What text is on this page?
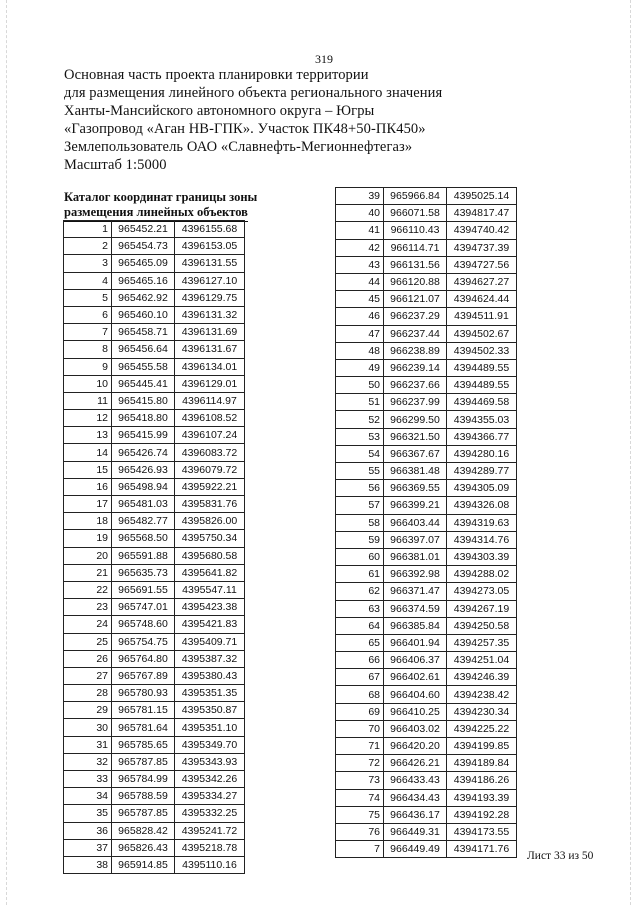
319
Основная часть проекта планировки территории
для размещения линейного объекта регионального значения
Ханты-Мансийского автономного округа – Югры
«Газопровод «Аган НВ-ГПК». Участок ПК48+50-ПК450»
Землепользователь ОАО «Славнефть-Мегионнефтегаз»
Масштаб 1:5000
Каталог координат границы зоны
размещения линейных объектов
1	965452.21	4396155.68
2	965454.73	4396153.05
3	965465.09	4396131.55
4	965465.16	4396127.10
5	965462.92	4396129.75
6	965460.10	4396131.32
7	965458.71	4396131.69
8	965456.64	4396131.67
9	965455.58	4396134.01
10	965445.41	4396129.01
11	965415.80	4396114.97
12	965418.80	4396108.52
13	965415.99	4396107.24
14	965426.74	4396083.72
15	965426.93	4396079.72
16	965498.94	4395922.21
17	965481.03	4395831.76
18	965482.77	4395826.00
19	965568.50	4395750.34
20	965591.88	4395680.58
21	965635.73	4395641.82
22	965691.55	4395547.11
23	965747.01	4395423.38
24	965748.60	4395421.83
25	965754.75	4395409.71
26	965764.80	4395387.32
27	965767.89	4395380.43
28	965780.93	4395351.35
29	965781.15	4395350.87
30	965781.64	4395351.10
31	965785.65	4395349.70
32	965787.85	4395343.93
33	965784.99	4395342.26
34	965788.59	4395334.27
35	965787.85	4395332.25
36	965828.42	4395241.72
37	965826.43	4395218.78
38	965914.85	4395110.16
39	965966.84	4395025.14
40	966071.58	4394817.47
41	966110.43	4394740.42
42	966114.71	4394737.39
43	966131.56	4394727.56
44	966120.88	4394627.27
45	966121.07	4394624.44
46	966237.29	4394511.91
47	966237.44	4394502.67
48	966238.89	4394502.33
49	966239.14	4394489.55
50	966237.66	4394489.55
51	966237.99	4394469.58
52	966299.50	4394355.03
53	966321.50	4394366.77
54	966367.67	4394280.16
55	966381.48	4394289.77
56	966369.55	4394305.09
57	966399.21	4394326.08
58	966403.44	4394319.63
59	966397.07	4394314.76
60	966381.01	4394303.39
61	966392.98	4394288.02
62	966371.47	4394273.05
63	966374.59	4394267.19
64	966385.84	4394250.58
65	966401.94	4394257.35
66	966406.37	4394251.04
67	966402.61	4394246.39
68	966404.60	4394238.42
69	966410.25	4394230.34
70	966403.02	4394225.22
71	966420.20	4394199.85
72	966426.21	4394189.84
73	966433.43	4394186.26
74	966434.43	4394193.39
75	966436.17	4394192.28
76	966449.31	4394173.55
7	966449.49	4394171.76
Лист 33 из 50
